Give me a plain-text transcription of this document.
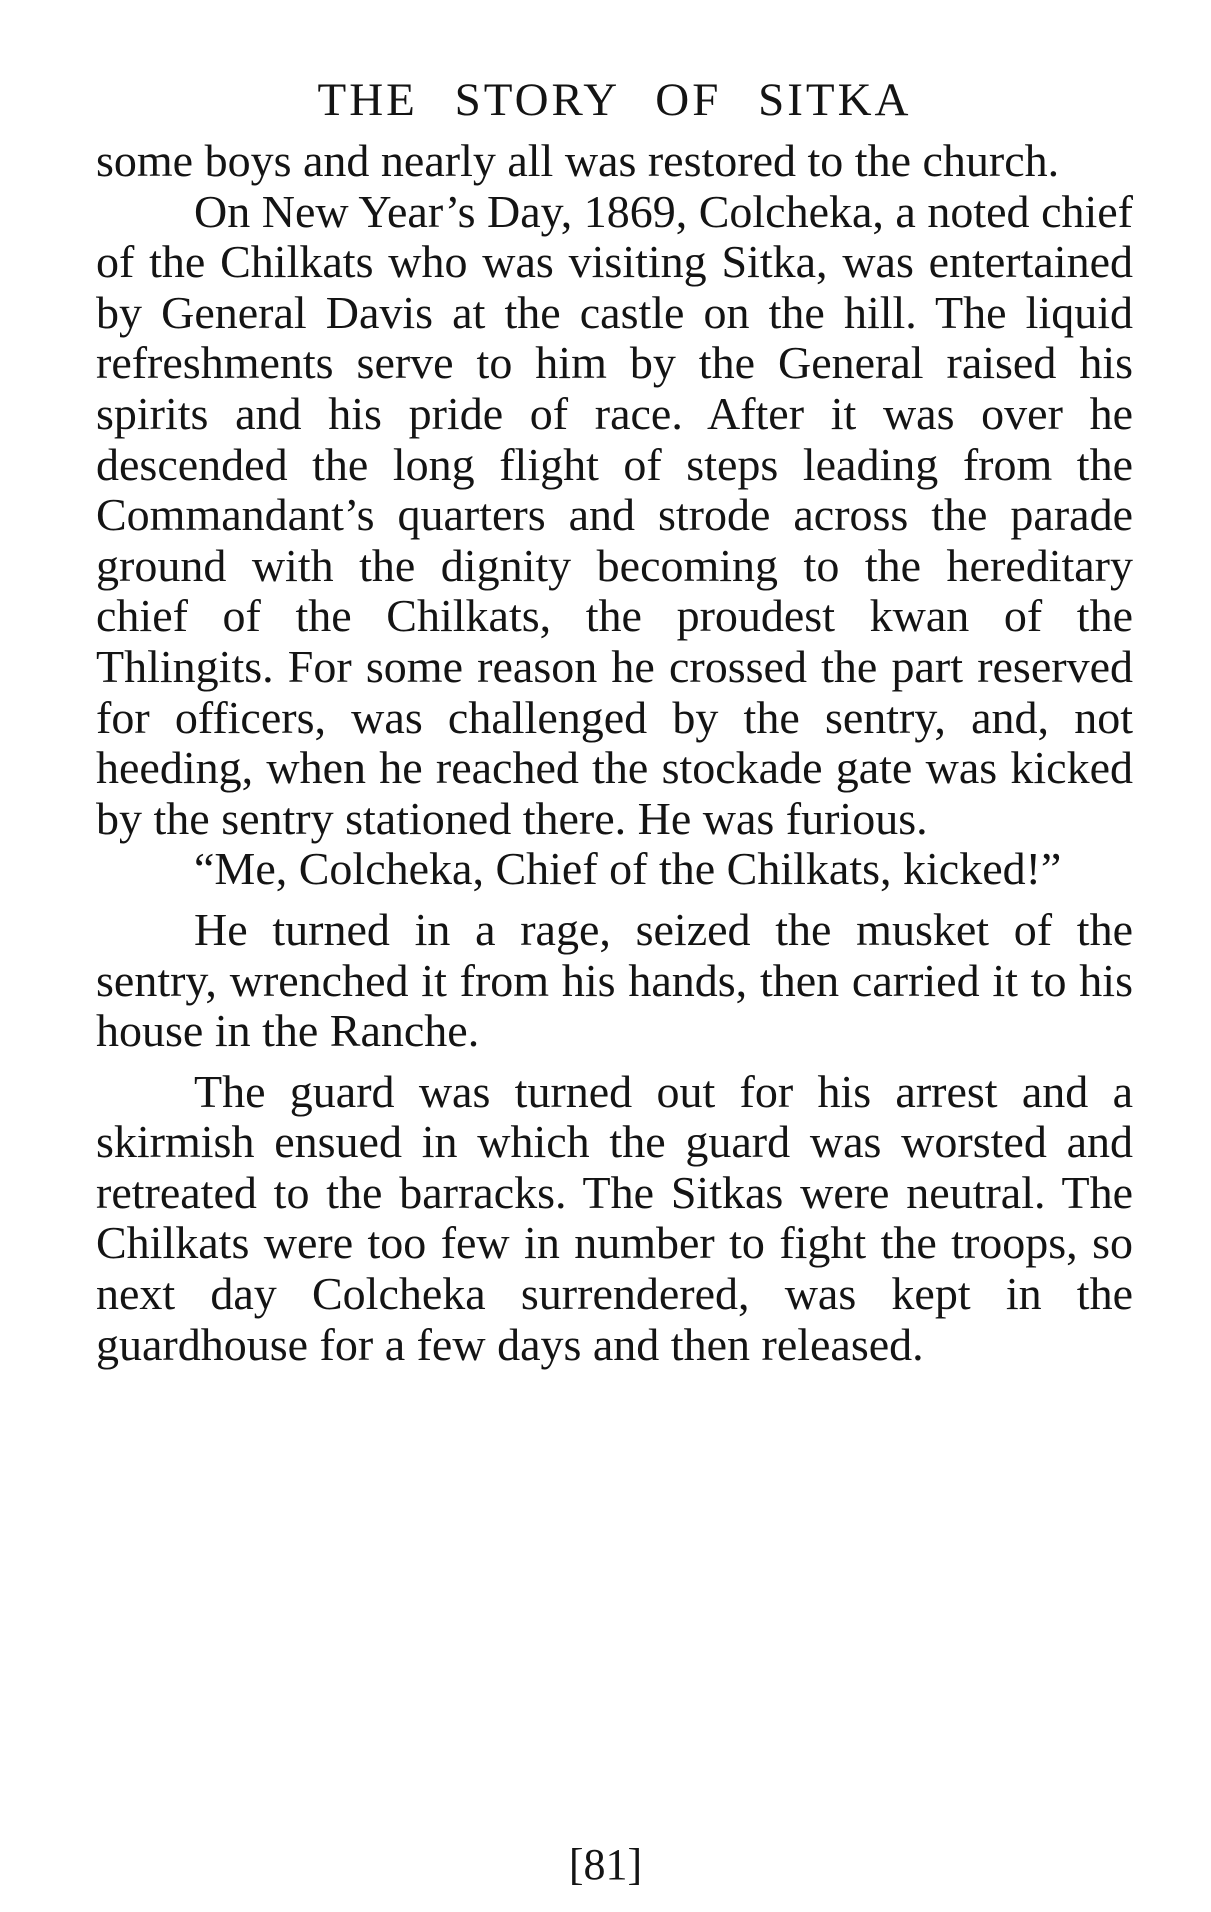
THE STORY OF SITKA

some boys and nearly all was restored to the church.

On New Year’s Day, 1869, Colcheka, a noted chief of the Chilkats who was visiting Sitka, was entertained by General Davis at the castle on the hill. The liquid refreshments serve to him by the General raised his spirits and his pride of race. After it was over he descended the long flight of steps leading from the Commandant’s quarters and strode across the parade ground with the dignity becoming to the hereditary chief of the Chilkats, the proudest kwan of the Thlingits. For some reason he crossed the part reserved for officers, was challenged by the sentry, and, not heeding, when he reached the stockade gate was kicked by the sentry stationed there. He was furious.

“Me, Colcheka, Chief of the Chilkats, kicked!”

He turned in a rage, seized the musket of the sentry, wrenched it from his hands, then carried it to his house in the Ranche.

The guard was turned out for his arrest and a skirmish ensued in which the guard was worsted and retreated to the barracks. The Sitkas were neutral. The Chilkats were too few in number to fight the troops, so next day Colcheka surrendered, was kept in the guardhouse for a few days and then released.

[81]
